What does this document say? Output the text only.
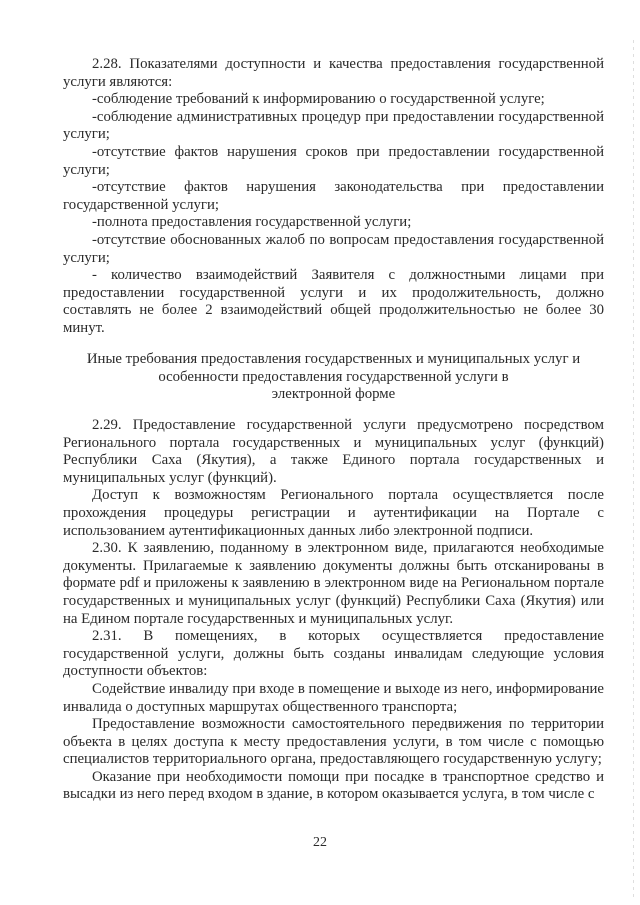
2.28. Показателями доступности и качества предоставления государственной услуги являются:

-соблюдение требований к информированию о государственной услуге;

-соблюдение административных процедур при предоставлении государственной услуги;

-отсутствие фактов нарушения сроков при предоставлении государственной услуги;

-отсутствие фактов нарушения законодательства при предоставлении государственной услуги;

-полнота предоставления государственной услуги;

-отсутствие обоснованных жалоб по вопросам предоставления государственной услуги;

- количество взаимодействий Заявителя с должностными лицами при предоставлении государственной услуги и их продолжительность, должно составлять не более 2 взаимодействий общей продолжительностью не более 30 минут.

Иные требования предоставления государственных и муниципальных услуг и
особенности предоставления государственной услуги в
электронной форме

2.29. Предоставление государственной услуги предусмотрено посредством Регионального портала государственных и муниципальных услуг (функций) Республики Саха (Якутия), а также Единого портала государственных и муниципальных услуг (функций).

Доступ к возможностям Регионального портала осуществляется после прохождения процедуры регистрации и аутентификации на Портале с использованием аутентификационных данных либо электронной подписи.

2.30. К заявлению, поданному в электронном виде, прилагаются необходимые документы. Прилагаемые к заявлению документы должны быть отсканированы в формате pdf и приложены к заявлению в электронном виде на Региональном портале государственных и муниципальных услуг (функций) Республики Саха (Якутия) или на Едином портале государственных и муниципальных услуг.

2.31. В помещениях, в которых осуществляется предоставление государственной услуги, должны быть созданы инвалидам следующие условия доступности объектов:

Содействие инвалиду при входе в помещение и выходе из него, информирование инвалида о доступных маршрутах общественного транспорта;

Предоставление возможности самостоятельного передвижения по территории объекта в целях доступа к месту предоставления услуги, в том числе с помощью специалистов территориального органа, предоставляющего государственную услугу;

Оказание при необходимости помощи при посадке в транспортное средство и высадки из него перед входом в здание, в котором оказывается услуга, в том числе с

22
